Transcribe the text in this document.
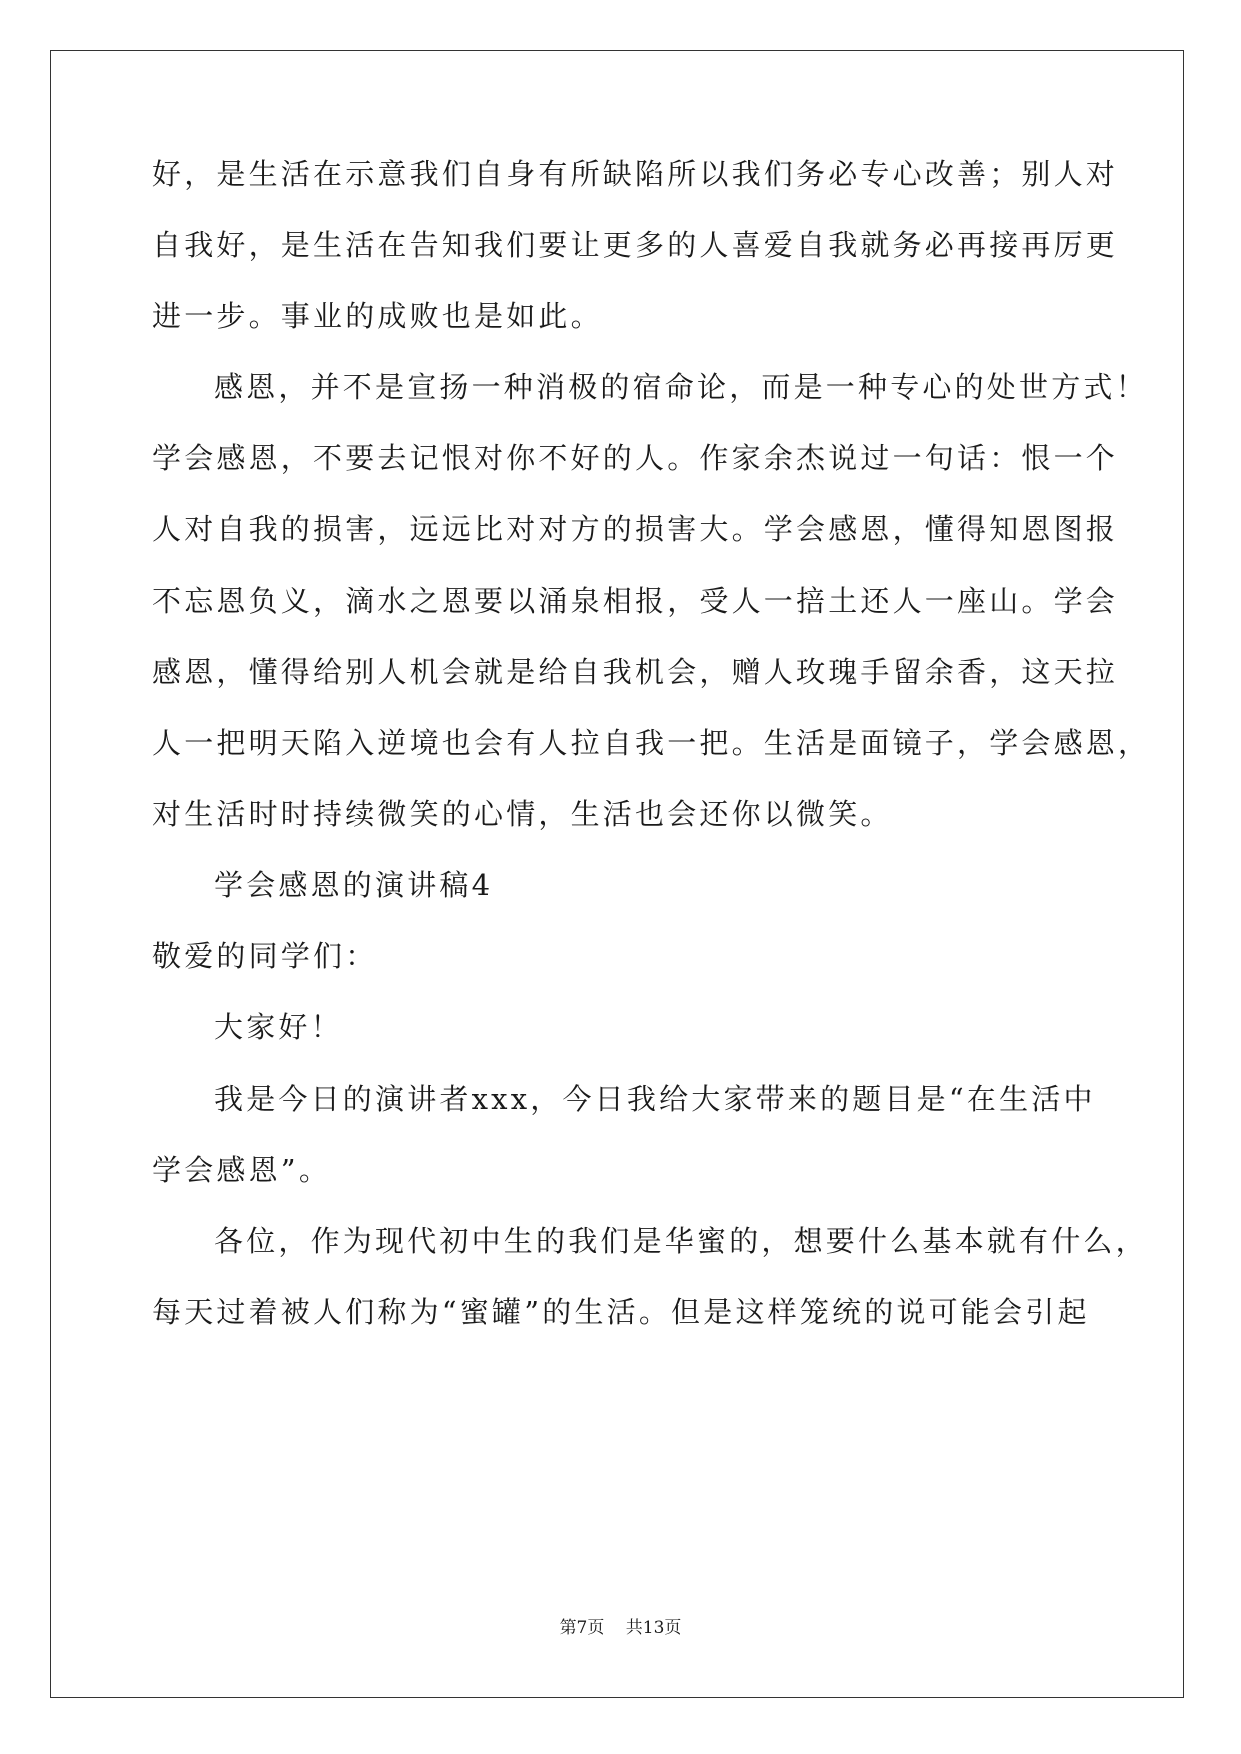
好，是生活在示意我们自身有所缺陷所以我们务必专心改善；别人对
自我好，是生活在告知我们要让更多的人喜爱自我就务必再接再厉更
进一步。事业的成败也是如此。
感恩，并不是宣扬一种消极的宿命论，而是一种专心的处世方式！
学会感恩，不要去记恨对你不好的人。作家余杰说过一句话：恨一个
人对自我的损害，远远比对对方的损害大。学会感恩，懂得知恩图报
不忘恩负义，滴水之恩要以涌泉相报，受人一掊土还人一座山。学会
感恩，懂得给别人机会就是给自我机会，赠人玫瑰手留余香，这天拉
人一把明天陷入逆境也会有人拉自我一把。生活是面镜子，学会感恩，
对生活时时持续微笑的心情，生活也会还你以微笑。
学会感恩的演讲稿4
敬爱的同学们：
大家好！
我是今日的演讲者xxx，今日我给大家带来的题目是“在生活中
学会感恩”。
各位，作为现代初中生的我们是华蜜的，想要什么基本就有什么，
每天过着被人们称为“蜜罐”的生活。但是这样笼统的说可能会引起
第7页 共13页
